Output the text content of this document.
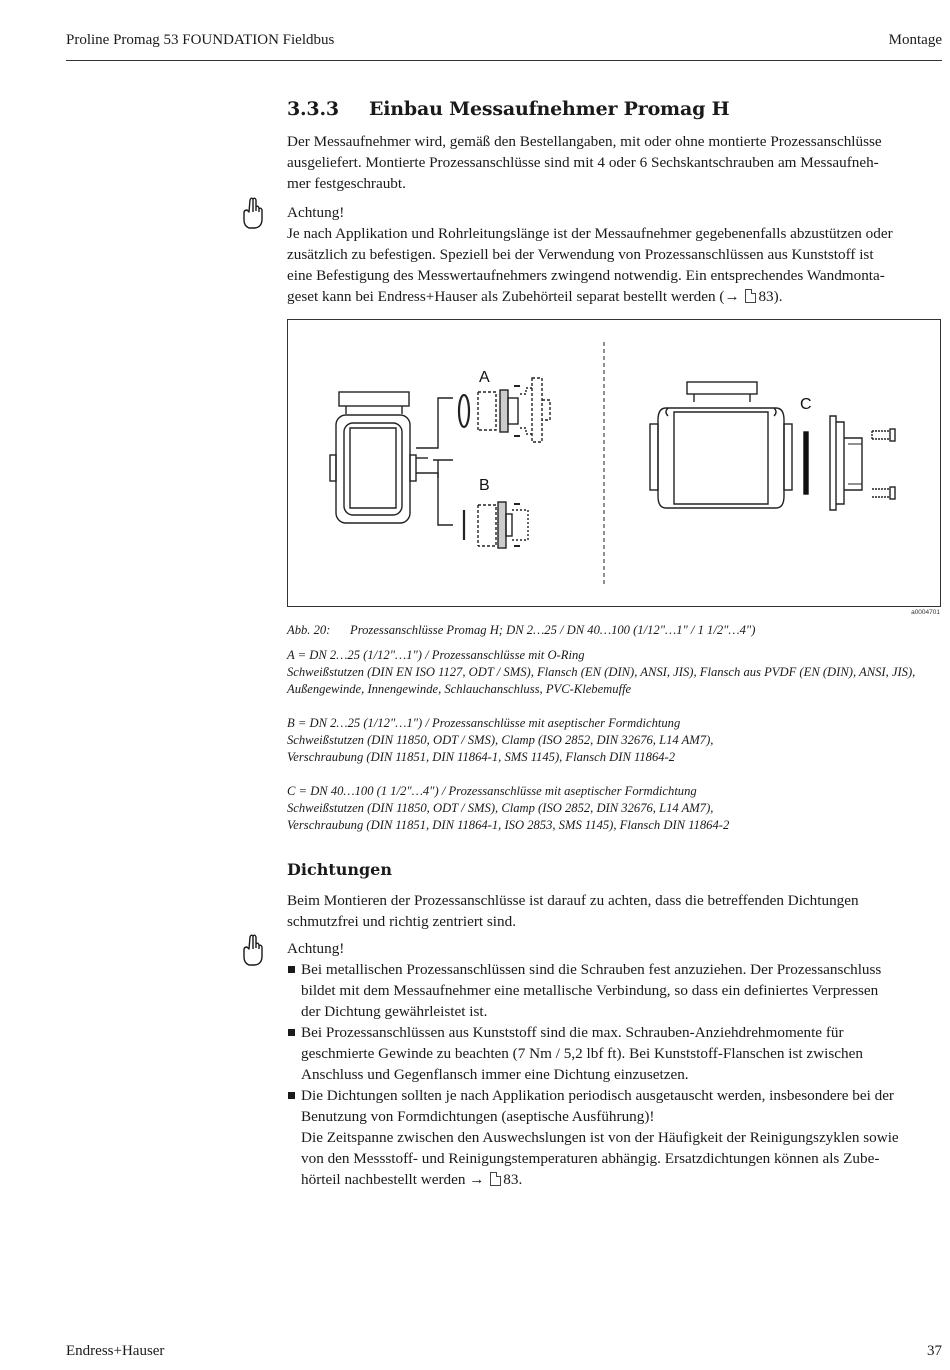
Proline Promag 53 FOUNDATION Fieldbus	Montage
3.3.3 Einbau Messaufnehmer Promag H
Der Messaufnehmer wird, gemäß den Bestellangaben, mit oder ohne montierte Prozessanschlüsse
ausgeliefert. Montierte Prozessanschlüsse sind mit 4 oder 6 Sechskantschrauben am Messaufneh-
mer festgeschraubt.
Achtung!
Je nach Applikation und Rohrleitungslänge ist der Messaufnehmer gegebenenfalls abzustützen oder
zusätzlich zu befestigen. Speziell bei der Verwendung von Prozessanschlüssen aus Kunststoff ist
eine Befestigung des Messwertaufnehmers zwingend notwendig. Ein entsprechendes Wandmonta-
geset kann bei Endress+Hauser als Zubehörteil separat bestellt werden (→ 83).
A
B
C
a0004701
Abb. 20: Prozessanschlüsse Promag H; DN 2…25 / DN 40…100 (1/12"…1" / 1 1/2"…4")
A = DN 2…25 (1/12"…1") / Prozessanschlüsse mit O-Ring
Schweißstutzen (DIN EN ISO 1127, ODT / SMS), Flansch (EN (DIN), ANSI, JIS), Flansch aus PVDF (EN (DIN), ANSI, JIS),
Außengewinde, Innengewinde, Schlauchanschluss, PVC-Klebemuffe
B = DN 2…25 (1/12"…1") / Prozessanschlüsse mit aseptischer Formdichtung
Schweißstutzen (DIN 11850, ODT / SMS), Clamp (ISO 2852, DIN 32676, L14 AM7),
Verschraubung (DIN 11851, DIN 11864-1, SMS 1145), Flansch DIN 11864-2
C = DN 40…100 (1 1/2"…4") / Prozessanschlüsse mit aseptischer Formdichtung
Schweißstutzen (DIN 11850, ODT / SMS), Clamp (ISO 2852, DIN 32676, L14 AM7),
Verschraubung (DIN 11851, DIN 11864-1, ISO 2853, SMS 1145), Flansch DIN 11864-2
Dichtungen
Beim Montieren der Prozessanschlüsse ist darauf zu achten, dass die betreffenden Dichtungen
schmutzfrei und richtig zentriert sind.
Achtung!
Bei metallischen Prozessanschlüssen sind die Schrauben fest anzuziehen. Der Prozessanschluss
bildet mit dem Messaufnehmer eine metallische Verbindung, so dass ein definiertes Verpressen
der Dichtung gewährleistet ist.
Bei Prozessanschlüssen aus Kunststoff sind die max. Schrauben-Anziehdrehmomente für
geschmierte Gewinde zu beachten (7 Nm / 5,2 lbf ft). Bei Kunststoff-Flanschen ist zwischen
Anschluss und Gegenflansch immer eine Dichtung einzusetzen.
Die Dichtungen sollten je nach Applikation periodisch ausgetauscht werden, insbesondere bei der
Benutzung von Formdichtungen (aseptische Ausführung)!
Die Zeitspanne zwischen den Auswechslungen ist von der Häufigkeit der Reinigungszyklen sowie
von den Messstoff- und Reinigungstemperaturen abhängig. Ersatzdichtungen können als Zube-
hörteil nachbestellt werden → 83.
Endress+Hauser	37
